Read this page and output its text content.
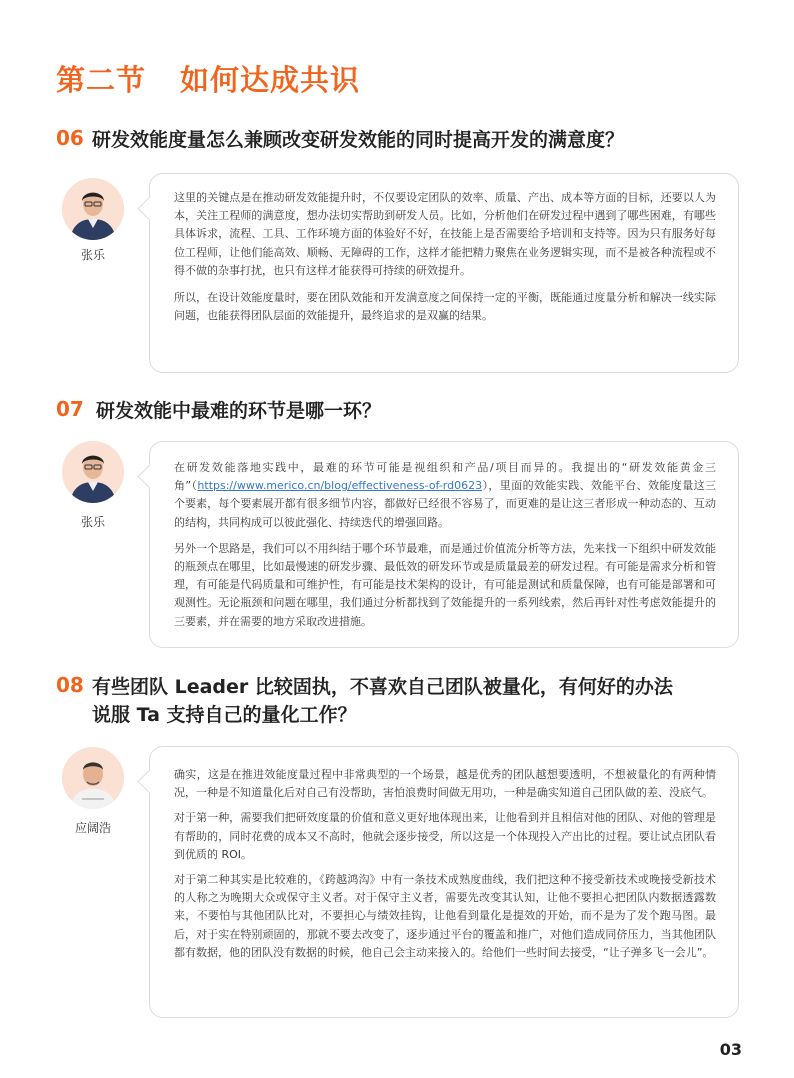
第二节 如何达成共识
06 研发效能度量怎么兼顾改变研发效能的同时提高开发的满意度？
张乐

这里的关键点是在推动研发效能提升时，不仅要设定团队的效率、质量、产出、成本等方面的目标，还要以人为本，关注工程师的满意度，想办法切实帮助到研发人员。比如，分析他们在研发过程中遇到了哪些困难，有哪些具体诉求，流程、工具、工作环境方面的体验好不好，在技能上是否需要给予培训和支持等。因为只有服务好每位工程师，让他们能高效、顺畅、无障碍的工作，这样才能把精力聚焦在业务逻辑实现，而不是被各种流程或不得不做的杂事打扰，也只有这样才能获得可持续的研效提升。

所以，在设计效能度量时，要在团队效能和开发满意度之间保持一定的平衡，既能通过度量分析和解决一线实际问题，也能获得团队层面的效能提升，最终追求的是双赢的结果。

07 研发效能中最难的环节是哪一环？
张乐

在研发效能落地实践中，最难的环节可能是视组织和产品/项目而异的。我提出的“研发效能黄金三角”（https://www.merico.cn/blog/effectiveness-of-rd0623），里面的效能实践、效能平台、效能度量这三个要素，每个要素展开都有很多细节内容，都做好已经很不容易了，而更难的是让这三者形成一种动态的、互动的结构，共同构成可以彼此强化、持续迭代的增强回路。

另外一个思路是，我们可以不用纠结于哪个环节最难，而是通过价值流分析等方法，先来找一下组织中研发效能的瓶颈点在哪里，比如最慢速的研发步骤、最低效的研发环节或是质量最差的研发过程。有可能是需求分析和管理，有可能是代码质量和可维护性，有可能是技术架构的设计，有可能是测试和质量保障，也有可能是部署和可观测性。无论瓶颈和问题在哪里，我们通过分析都找到了效能提升的一系列线索，然后再针对性考虑效能提升的三要素，并在需要的地方采取改进措施。

08 有些团队 Leader 比较固执，不喜欢自己团队被量化，有何好的办法
说服 Ta 支持自己的量化工作？
应阔浩

确实，这是在推进效能度量过程中非常典型的一个场景，越是优秀的团队越想要透明，不想被量化的有两种情况，一种是不知道量化后对自己有没帮助，害怕浪费时间做无用功，一种是确实知道自己团队做的差、没底气。

对于第一种，需要我们把研效度量的价值和意义更好地体现出来，让他看到并且相信对他的团队、对他的管理是有帮助的，同时花费的成本又不高时，他就会逐步接受，所以这是一个体现投入产出比的过程。要让试点团队看到优质的 ROI。

对于第二种其实是比较难的，《跨越鸿沟》中有一条技术成熟度曲线，我们把这种不接受新技术或晚接受新技术的人称之为晚期大众或保守主义者。对于保守主义者，需要先改变其认知，让他不要担心把团队内数据透露数来，不要怕与其他团队比对，不要担心与绩效挂钩，让他看到量化是提效的开始，而不是为了发个跑马图。最后，对于实在特别顽固的，那就不要去改变了，逐步通过平台的覆盖和推广，对他们造成同侪压力，当其他团队都有数据，他的团队没有数据的时候，他自己会主动来接入的。给他们一些时间去接受，“让子弹多飞一会儿”。

03
